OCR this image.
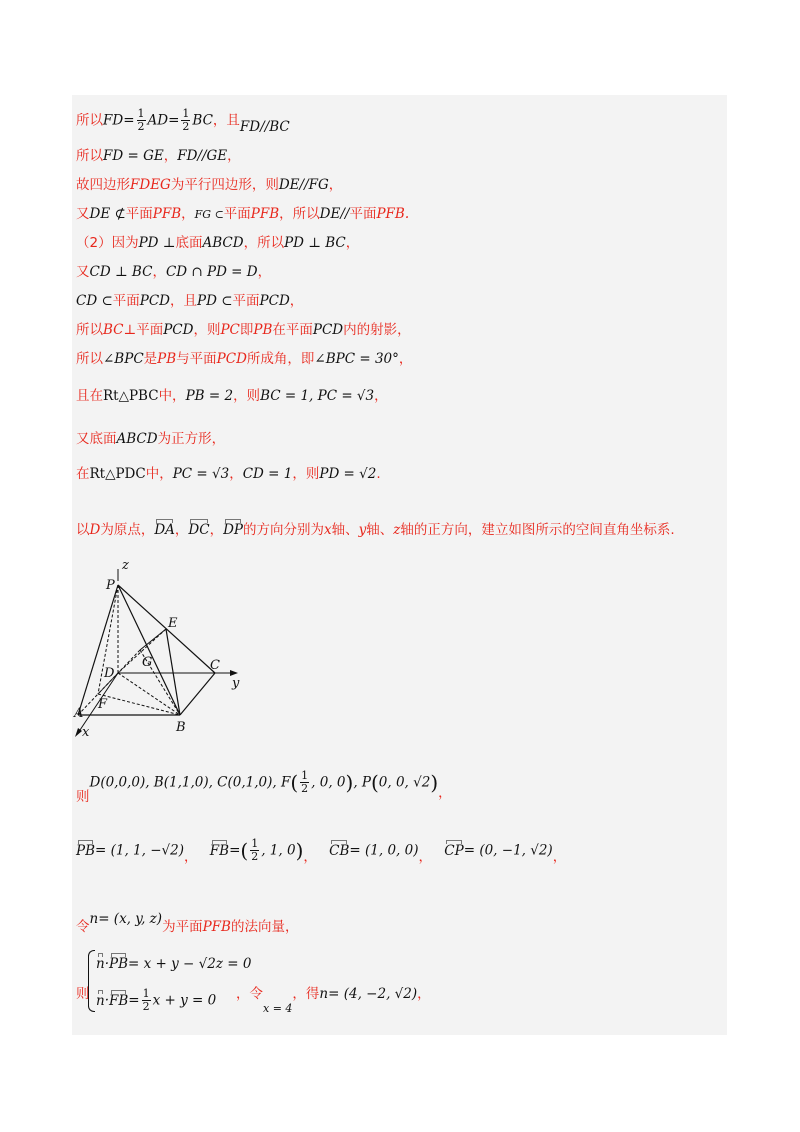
所以$FD= \frac{1}{2} AD= \frac{1}{2}$ BC，且FD//BC
所以FD = GE，FD//GE，
故四边形FDEG为平行四边形，则DE//FG，
又DE ⊄平面PFB，FG ⊂平面PFB，所以DE//平面PFB.
（2）因为PD ⊥底面ABCD，所以PD ⊥ BC，
又CD ⊥ BC，CD ∩ PD = D，
CD ⊂平面PCD，且PD ⊂平面PCD，
所以BC⊥平面PCD，则PC即PB在平面PCD内的射影，
所以∠BPC是PB与平面PCD所成角，即∠BPC = 30°，
且在Rt△PBC中，PB = 2，则BC = 1, PC = √3，
又底面ABCD为正方形，
在Rt△PDC中，PC = √3，CD = 1，则PD = √2.
以D为原点，DA，DC，DP的方向分别为x轴、y轴、z轴的正方向，建立如图所示的空间直角坐标系.
z
P
E
G
D
C
y
F
A
B
x
则D(0,0,0), B(1,1,0), C(0,1,0), $F( \frac{1}{2}$ , 0, 0), P(0, 0, √2)，
PB= (1, 1, −√2)， $FB=( \frac{1}{2}$ , 1, 0)， CB= (1, 0, 0)， CP= (0, −1, √2)，
令n= (x, y, z)为平面PFB的法向量，
则
n·PB= x + y − √2z = 0
$n\cdot FB= \frac{1}{2}$ x + y = 0 ，令$_{x = 4}$，得n= (4, −2, √2)，
